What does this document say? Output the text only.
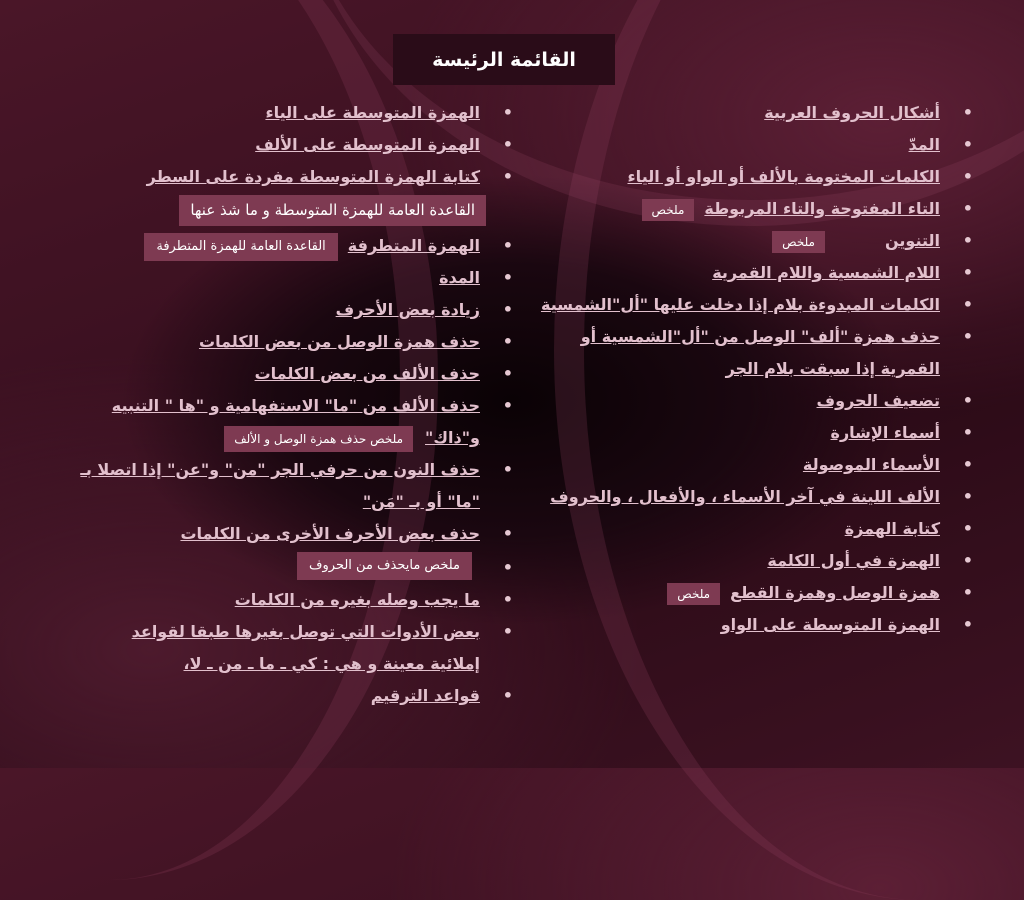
القائمة الرئيسة
• أشكال الحروف العربية
• المدّ
• الكلمات المختومة بالألف أو الواو أو الياء
• التاء المفتوحة والتاء المربوطةملخص
• التنوينملخص
• اللام الشمسية واللام القمرية
• الكلمات المبدوءة بلام إذا دخلت عليها "أل"الشمسية
• حذف همزة "ألف" الوصل من "أل"الشمسية أو القمرية إذا سبقت بلام الجر
• تضعيف الحروف
• أسماء الإشارة
• الأسماء الموصولة
• الألف اللينة في آخر الأسماء ، والأفعال ، والحروف
• كتابة الهمزة
• الهمزة في أول الكلمة
• همزة الوصل وهمزة القطعملخص
• الهمزة المتوسطة على الواو
• الهمزة المتوسطة على الياء
• الهمزة المتوسطة على الألف
• كتابة الهمزة المتوسطة مفردة على السطر
القاعدة العامة للهمزة المتوسطة و ما شذ عنها
• الهمزة المتطرفةالقاعدة العامة للهمزة المتطرفة
• المدة
• زيادة بعض الأحرف
• حذف همزة الوصل من بعض الكلمات
• حذف الألف من بعض الكلمات
• حذف الألف من "ما" الاستفهامية و "ها " التنبيه و"ذاك"ملخص حذف همزة الوصل و الألف
• حذف النون من حرفي الجر "من" و"عن" إذا اتصلا بـ "ما" أو بـ "مَن"
• حذف بعض الأحرف الأخرى من الكلمات
• ملخص مايحذف من الحروف
• ما يجب وصله بغيره من الكلمات
• بعض الأدوات التي توصل بغيرها طبقا لقواعد إملائية معينة و هي : كي ـ ما ـ من ـ لا،
• قواعد الترقيم
